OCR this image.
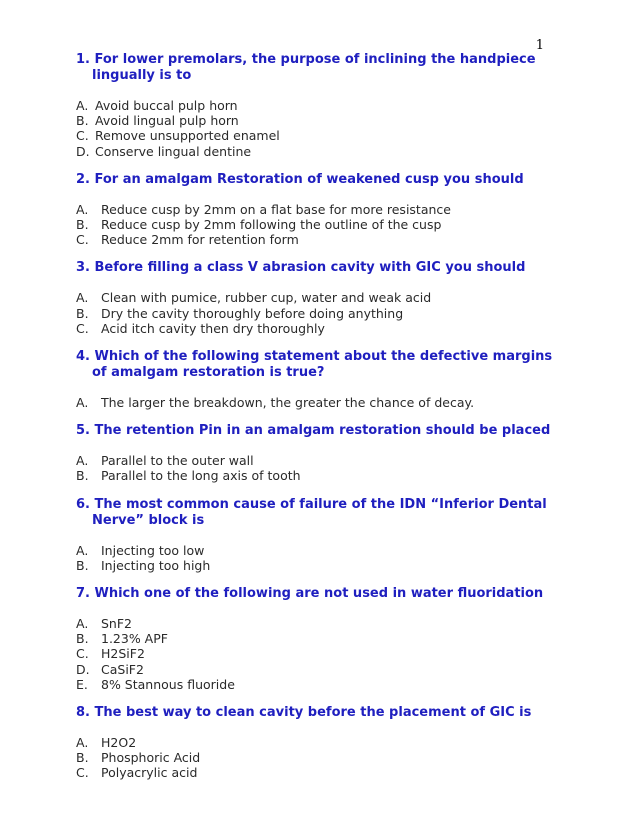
1
1. For lower premolars, the purpose of inclining the handpiece lingually is to
A. Avoid buccal pulp horn
B. Avoid lingual pulp horn
C. Remove unsupported enamel
D. Conserve lingual dentine
2. For an amalgam Restoration of weakened cusp you should
A. Reduce cusp by 2mm on a flat base for more resistance
B. Reduce cusp by 2mm following the outline of the cusp
C. Reduce 2mm for retention form
3. Before filling a class V abrasion cavity with GIC you should
A. Clean with pumice, rubber cup, water and weak acid
B. Dry the cavity thoroughly before doing anything
C. Acid itch cavity then dry thoroughly
4. Which of the following statement about the defective margins of amalgam restoration is true?
A. The larger the breakdown, the greater the chance of decay.
5. The retention Pin in an amalgam restoration should be placed
A. Parallel to the outer wall
B. Parallel to the long axis of tooth
6. The most common cause of failure of the IDN “Inferior Dental Nerve” block is
A. Injecting too low
B. Injecting too high
7. Which one of the following are not used in water fluoridation
A. SnF2
B. 1.23% APF
C. H2SiF2
D. CaSiF2
E. 8% Stannous fluoride
8. The best way to clean cavity before the placement of GIC is
A. H2O2
B. Phosphoric Acid
C. Polyacrylic acid
